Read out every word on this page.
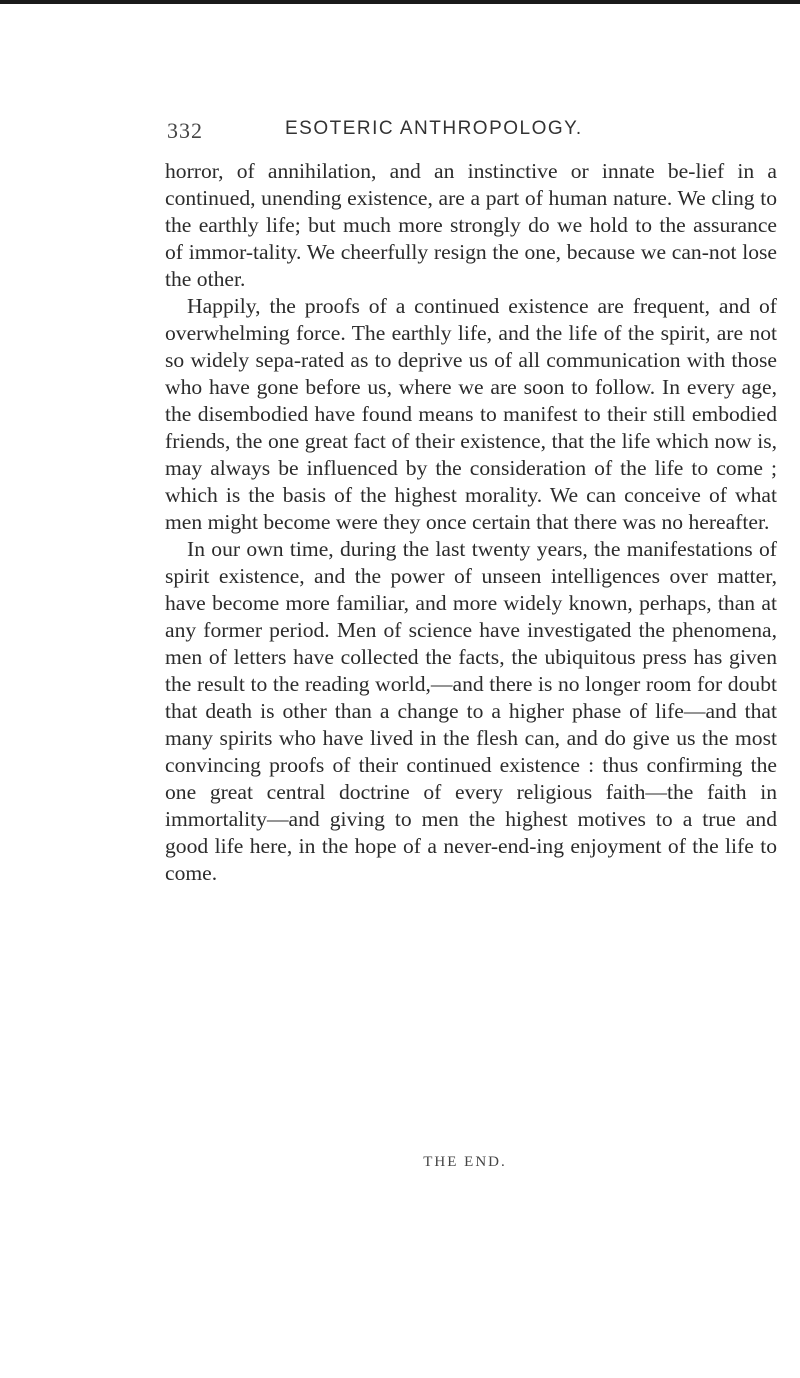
332	ESOTERIC ANTHROPOLOGY.

horror, of annihilation, and an instinctive or innate be-lief in a continued, unending existence, are a part of human nature. We cling to the earthly life; but much more strongly do we hold to the assurance of immor-tality. We cheerfully resign the one, because we can-not lose the other.

Happily, the proofs of a continued existence are frequent, and of overwhelming force. The earthly life, and the life of the spirit, are not so widely sepa-rated as to deprive us of all communication with those who have gone before us, where we are soon to follow. In every age, the disembodied have found means to manifest to their still embodied friends, the one great fact of their existence, that the life which now is, may always be influenced by the consideration of the life to come ; which is the basis of the highest morality. We can conceive of what men might become were they once certain that there was no hereafter.

In our own time, during the last twenty years, the manifestations of spirit existence, and the power of unseen intelligences over matter, have become more familiar, and more widely known, perhaps, than at any former period. Men of science have investigated the phenomena, men of letters have collected the facts, the ubiquitous press has given the result to the reading world,—and there is no longer room for doubt that death is other than a change to a higher phase of life—and that many spirits who have lived in the flesh can, and do give us the most convincing proofs of their continued existence : thus confirming the one great central doctrine of every religious faith—the faith in immortality—and giving to men the highest motives to a true and good life here, in the hope of a never-end-ing enjoyment of the life to come.

THE END.
